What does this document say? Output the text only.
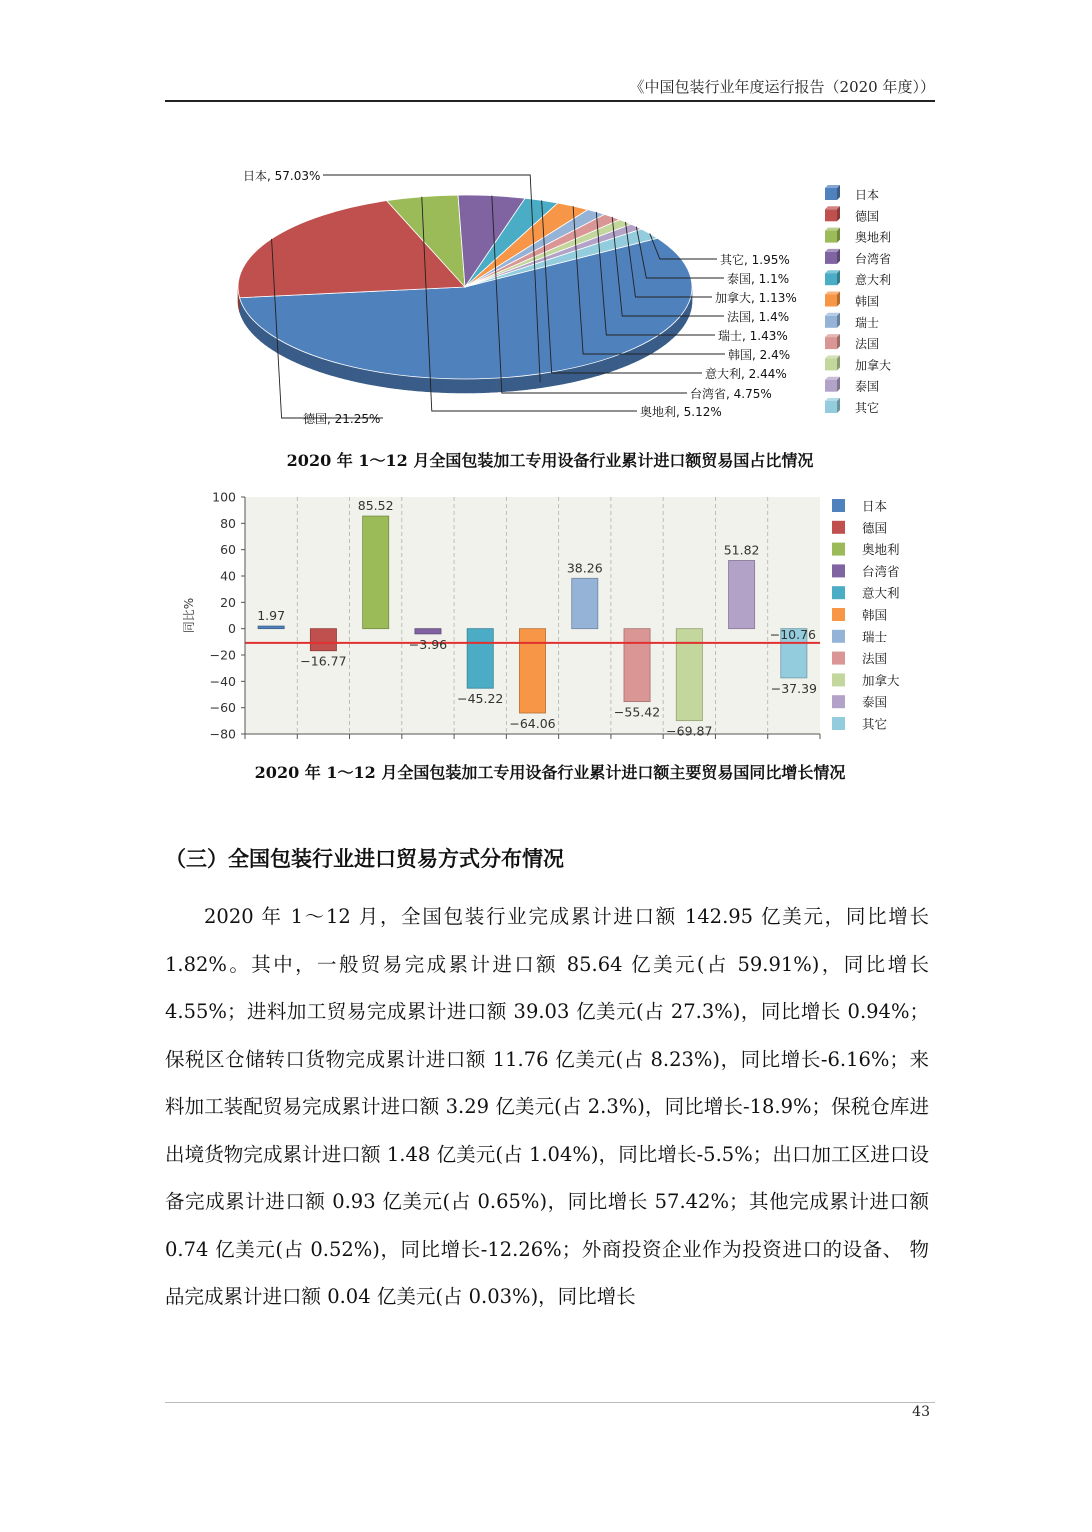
《中国包装行业年度运行报告（2020 年度））
日本, 57.03%
德国, 21.25%	奥地利, 5.12%
台湾省, 4.75%
意大利, 2.44%
韩国, 2.4%
瑞士, 1.43%
法国, 1.4%
加拿大, 1.13%
泰国, 1.1%
其它, 1.95%
日本
德国
奥地利
台湾省
意大利
韩国
瑞士
法国
加拿大
泰国
其它
2020 年 1～12 月全国包装加工专用设备行业累计进口额贸易国占比情况
−10.76
100
80
60
40
20
0
−20
−40
−60
−80
同比%	1.97
−16.77
85.52
−3.96
−45.22
−64.06
38.26
−55.42
−69.87
51.82
−37.39
日本
德国
奥地利
台湾省
意大利
韩国
瑞士
法国
加拿大
泰国
其它
2020 年 1～12 月全国包装加工专用设备行业累计进口额主要贸易国同比增长情况
（三）全国包装行业进口贸易方式分布情况

2020 年 1～12 月，全国包装行业完成累计进口额 142.95 亿美元，同比增长 1.82%。其中，一般贸易完成累计进口额 85.64 亿美元(占 59.91%)，同比增长 4.55%；进料加工贸易完成累计进口额 39.03 亿美元(占 27.3%)，同比增长 0.94%；保税区仓储转口货物完成累计进口额 11.76 亿美元(占 8.23%)，同比增长-6.16%；来料加工装配贸易完成累计进口额 3.29 亿美元(占 2.3%)，同比增长-18.9%；保税仓库进出境货物完成累计进口额 1.48 亿美元(占 1.04%)，同比增长-5.5%；出口加工区进口设备完成累计进口额 0.93 亿美元(占 0.65%)，同比增长 57.42%；其他完成累计进口额 0.74 亿美元(占 0.52%)，同比增长-12.26%；外商投资企业作为投资进口的设备、 物品完成累计进口额 0.04 亿美元(占 0.03%)，同比增长

43
